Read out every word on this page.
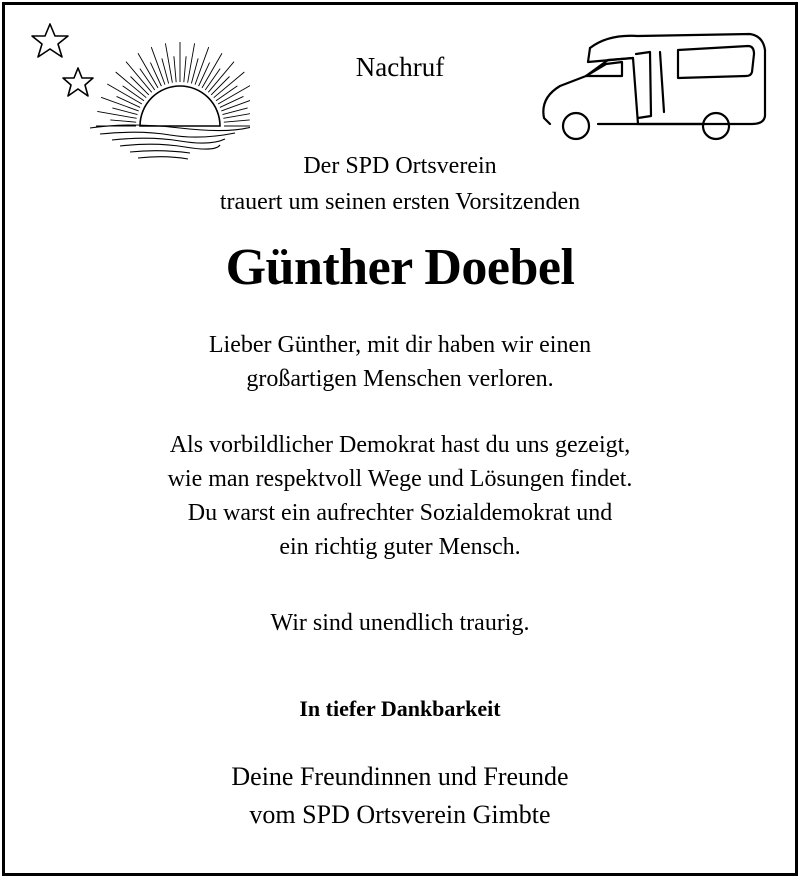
Nachruf
Der SPD Ortsverein
trauert um seinen ersten Vorsitzenden
Günther Doebel
Lieber Günther, mit dir haben wir einen
großartigen Menschen verloren.
Als vorbildlicher Demokrat hast du uns gezeigt,
wie man respektvoll Wege und Lösungen findet.
Du warst ein aufrechter Sozialdemokrat und
ein richtig guter Mensch.
Wir sind unendlich traurig.
In tiefer Dankbarkeit
Deine Freundinnen und Freunde
vom SPD Ortsverein Gimbte
